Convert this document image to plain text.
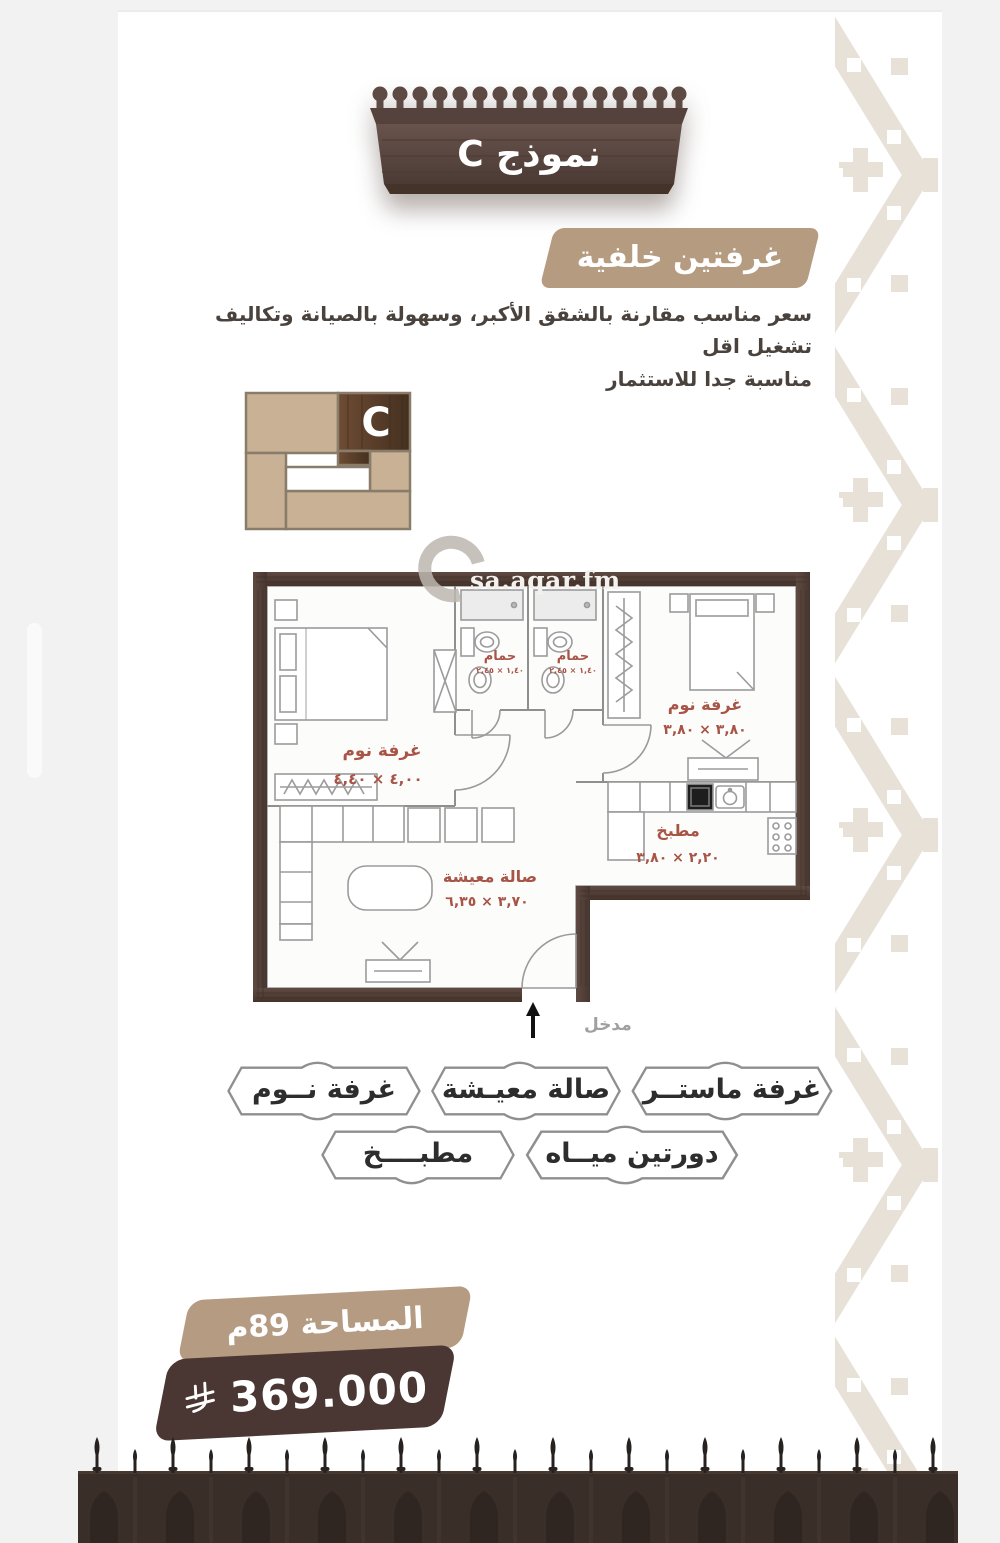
نموذج C
غرفتين خلفية
سعر مناسب مقارنة بالشقق الأكبر، وسهولة بالصيانة وتكاليف تشغيل اقل
مناسبة جدا للاستثمار
C
sa.aqar.fm
غرفة نوم
٤,٠٠ × ٤,٤٠
حمام
١,٤٠ × ٢,٤٥
حمام
١,٤٠ × ٢,٤٥
غرفة نوم
٣,٨٠ × ٣,٨٠
مطبخ
٢,٢٠ × ٣,٨٠
صالة معيشة
٣,٧٠ × ٦,٣٥
مدخل
غرفة ماستــر
صالة معيـشة
غرفة نــوم
دورتين ميــاه
مطبــــخ
المساحة 89م
369.000
